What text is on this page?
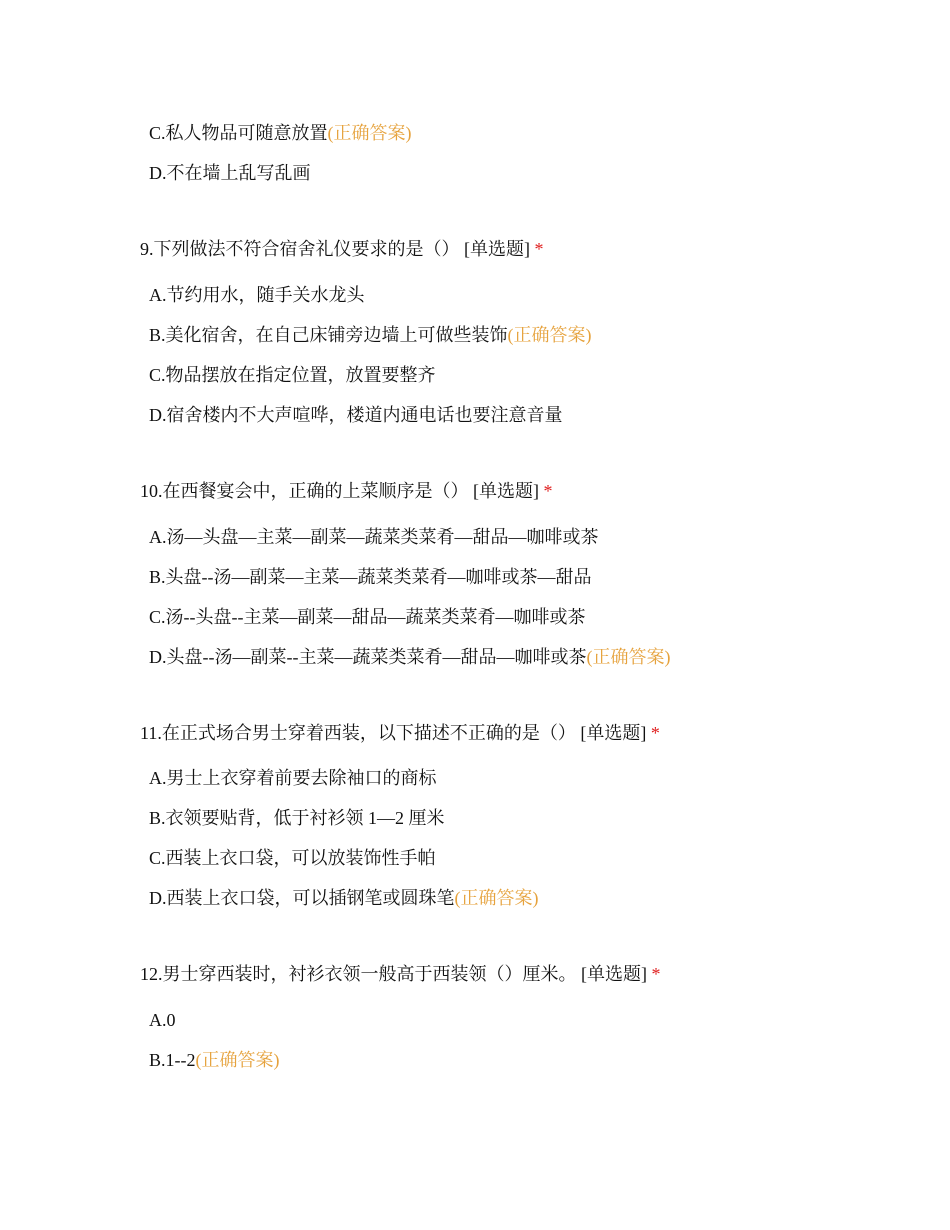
C.私人物品可随意放置(正确答案)
D.不在墙上乱写乱画
9.下列做法不符合宿舍礼仪要求的是（） [单选题] *
A.节约用水，随手关水龙头
B.美化宿舍，在自己床铺旁边墙上可做些装饰(正确答案)
C.物品摆放在指定位置，放置要整齐
D.宿舍楼内不大声喧哗，楼道内通电话也要注意音量
10.在西餐宴会中，正确的上菜顺序是（） [单选题] *
A.汤—头盘—主菜—副菜—蔬菜类菜肴—甜品—咖啡或茶
B.头盘--汤—副菜—主菜—蔬菜类菜肴—咖啡或茶—甜品
C.汤--头盘--主菜—副菜—甜品—蔬菜类菜肴—咖啡或茶
D.头盘--汤—副菜--主菜—蔬菜类菜肴—甜品—咖啡或茶(正确答案)
11.在正式场合男士穿着西装，以下描述不正确的是（） [单选题] *
A.男士上衣穿着前要去除袖口的商标
B.衣领要贴背，低于衬衫领 1—2 厘米
C.西装上衣口袋，可以放装饰性手帕
D.西装上衣口袋，可以插钢笔或圆珠笔(正确答案)
12.男士穿西装时，衬衫衣领一般高于西装领（）厘米。 [单选题] *
A.0
B.1--2(正确答案)
